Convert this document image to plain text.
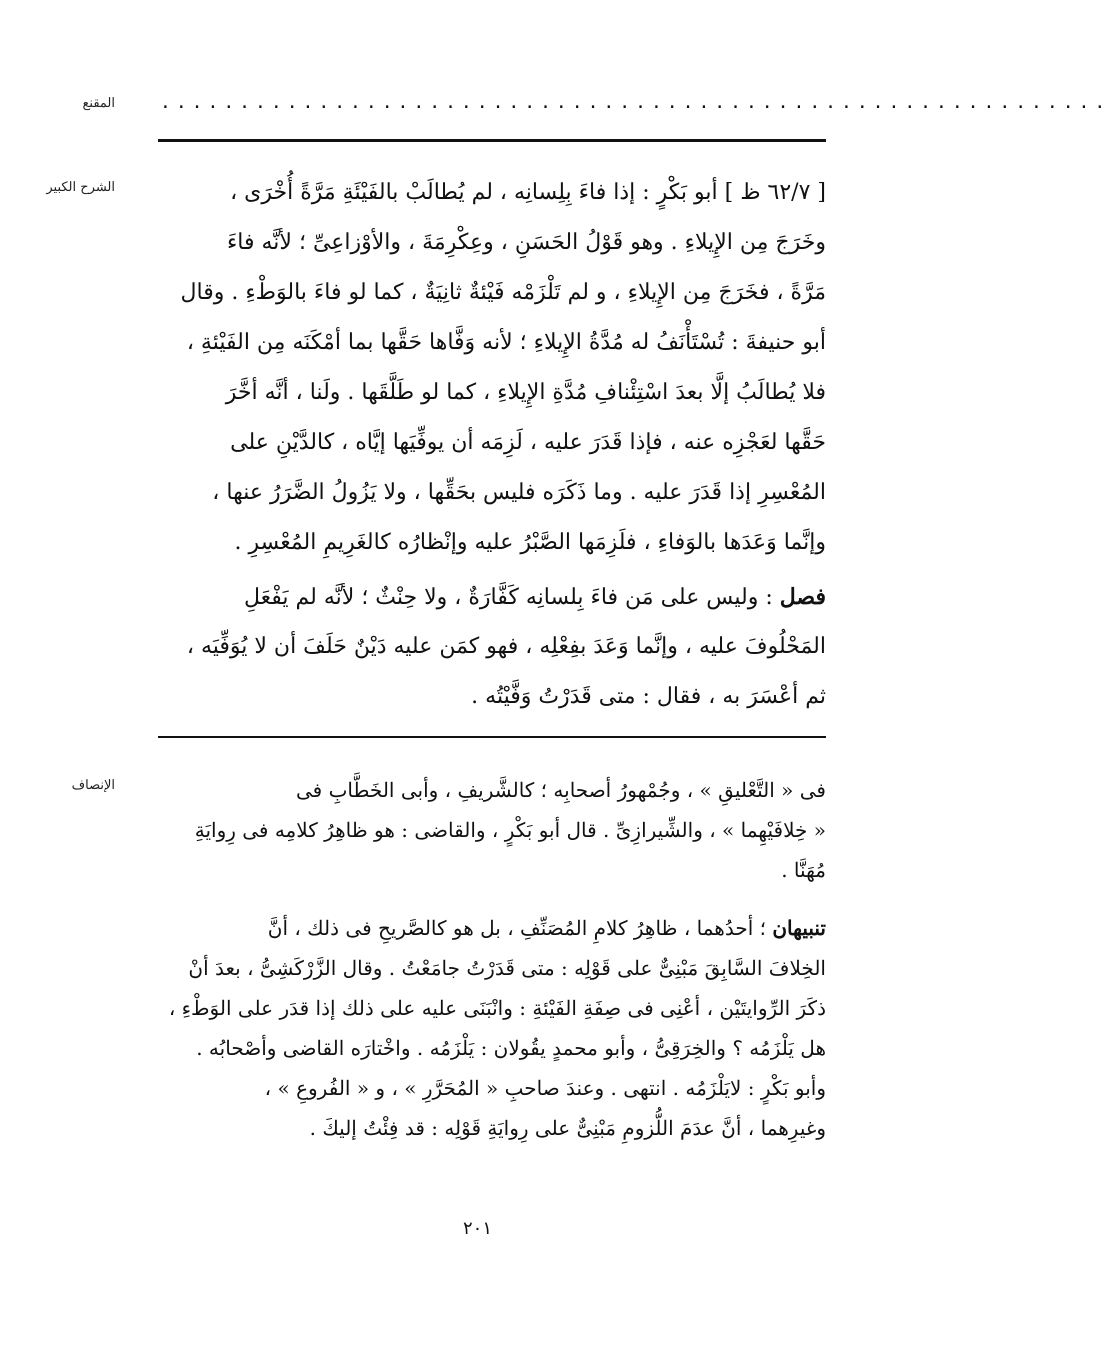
المقنع	............................................................
الشرح الكبير	[ ٦٢/٧ ظ ] أبو بَكْرٍ : إذا فاءَ بِلِسانِه ، لم يُطالَبْ بالفَيْئَةِ مَرَّةً أُخْرَى ،
وخَرَجَ مِن الإِيلاءِ . وهو قَوْلُ الحَسَنِ ، وعِكْرِمَةَ ، والأوْزاعِىِّ ؛ لأنَّه فاءَ
مَرَّةً ، فخَرَجَ مِن الإِيلاءِ ، و لم تَلْزَمْه فَيْئةٌ ثانِيَةٌ ، كما لو فاءَ بالوَطْءِ . وقال
أبو حنيفةَ : تُسْتَأْنَفُ له مُدَّةُ الإِيلاءِ ؛ لأنه وَفَّاها حَقَّها بما أمْكَنَه مِن الفَيْئةِ ،
فلا يُطالَبُ إلَّا بعدَ اسْتِئْنافِ مُدَّةِ الإِيلاءِ ، كما لو طَلَّقَها . ولَنا ، أنَّه أخَّرَ
حَقَّها لعَجْزِه عنه ، فإذا قَدَرَ عليه ، لَزِمَه أن يوفِّيَها إيَّاه ، كالدَّيْنِ على
المُعْسِرِ إذا قَدَرَ عليه . وما ذَكَرَه فليس بحَقِّها ، ولا يَزُولُ الضَّرَرُ عنها ،
وإنَّما وَعَدَها بالوَفاءِ ، فلَزِمَها الصَّبْرُ عليه وإنْظارُه كالغَرِيمِ المُعْسِرِ .
فصل : وليس على مَن فاءَ بِلسانِه كَفَّارَةٌ ، ولا حِنْثٌ ؛ لأنَّه لم يَفْعَلِ
المَحْلُوفَ عليه ، وإنَّما وَعَدَ بفِعْلِه ، فهو كمَن عليه دَيْنٌ حَلَفَ أن لا يُوَفِّيَه ،
ثم أعْسَرَ به ، فقال : متى قَدَرْتُ وَفَّيْتُه .
الإنصاف	فى « التَّعْليقِ » ، وجُمْهورُ أصحابِه ؛ كالشَّريفِ ، وأبى الخَطَّابِ فى
« خِلافَيْهِما » ، والشِّيرازِىِّ . قال أبو بَكْرٍ ، والقاضى : هو ظاهِرُ كلامِه فى رِوايَةِ
مُهَنَّا .
تنبيهان ؛ أحدُهما ، ظاهِرُ كلامِ المُصَنِّفِ ، بل هو كالصَّريحِ فى ذلك ، أنَّ
الخِلافَ السَّابِقَ مَبْنِىٌّ على قَوْلِه : متى قَدَرْتُ جامَعْتُ . وقال الزَّرْكَشِىُّ ، بعدَ أنْ
ذكَرَ الرِّوايتَيْن ، أعْنِى فى صِفَةِ الفَيْئةِ : وانْبَنَى عليه على ذلك إذا قدَر على الوَطْءِ ،
هل يَلْزَمُه ؟ والخِرَقِىُّ ، وأبو محمدٍ يقُولان : يَلْزَمُه . واخْتارَه القاضى وأصْحابُه .
وأبو بَكْرٍ : لايَلْزَمُه . انتهى . وعندَ صاحبِ « المُحَرَّرِ » ، و « الفُروعِ » ،
وغيرِهما ، أنَّ عدَمَ اللُّزومِ مَبْنِىٌّ على رِوايَةِ قَوْلِه : قد فِئْتُ إليكَ .
٢٠١
